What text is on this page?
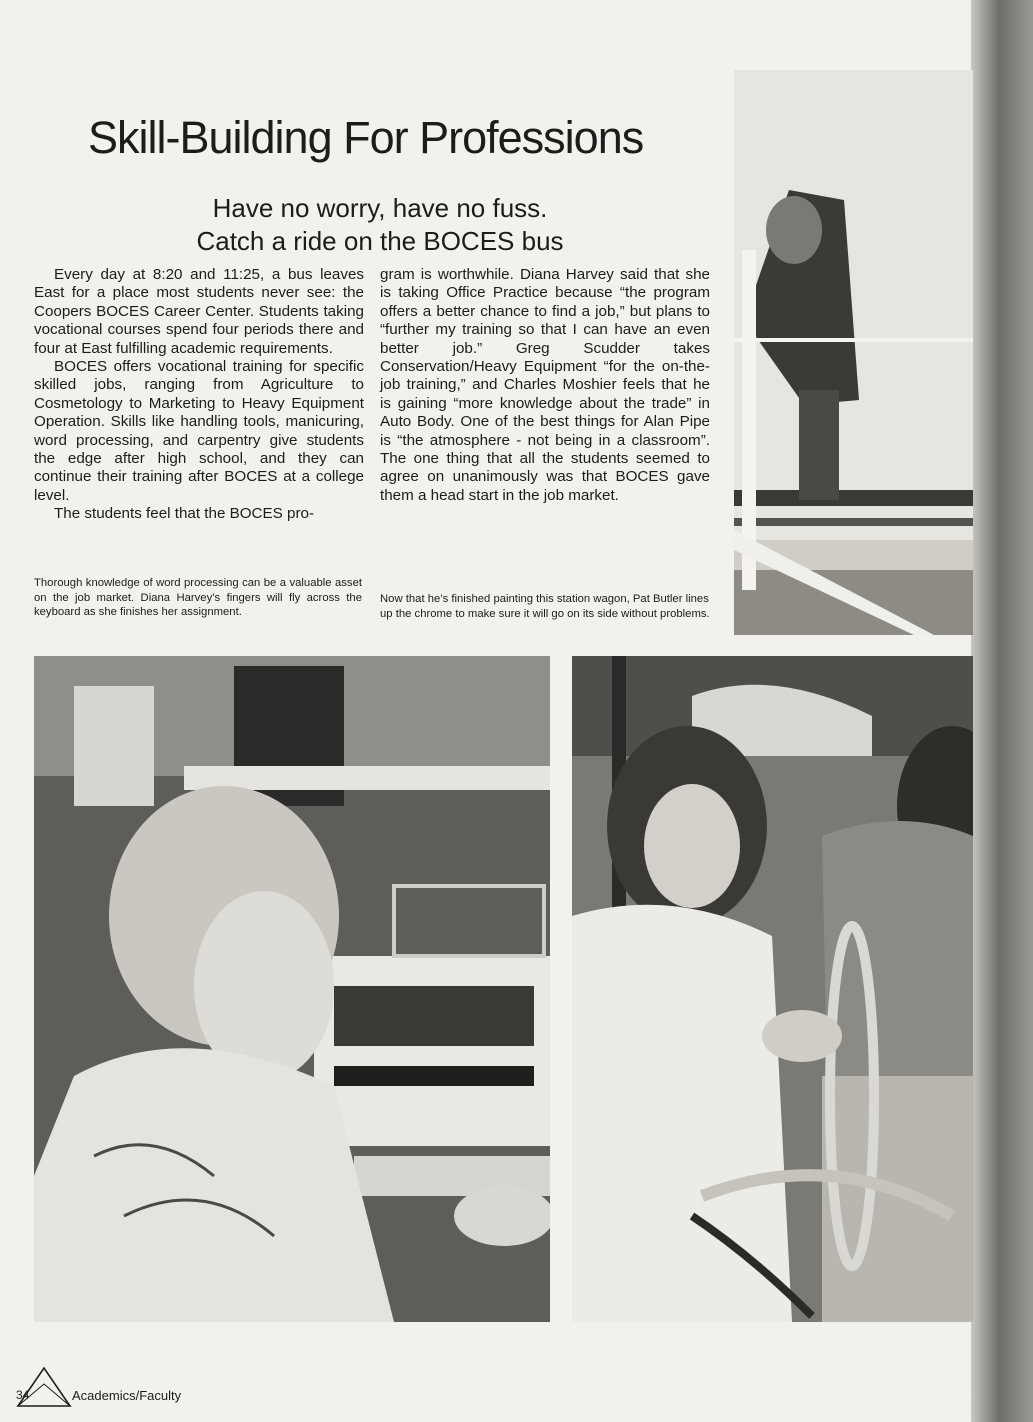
Skill-Building For Professions
Have no worry, have no fuss.
Catch a ride on the BOCES bus

Every day at 8:20 and 11:25, a bus leaves East for a place most students never see: the Coopers BOCES Career Center. Students taking vocational courses spend four periods there and four at East fulfilling academic requirements.

BOCES offers vocational training for specific skilled jobs, ranging from Agriculture to Cosmetology to Marketing to Heavy Equipment Operation. Skills like handling tools, manicuring, word processing, and carpentry give students the edge after high school, and they can continue their training after BOCES at a college level.

The students feel that the BOCES pro-

gram is worthwhile. Diana Harvey said that she is taking Office Practice because “the program offers a better chance to find a job,” but plans to “further my training so that I can have an even better job.” Greg Scudder takes Conservation/Heavy Equipment “for the on-the-job training,” and Charles Moshier feels that he is gaining “more knowledge about the trade” in Auto Body. One of the best things for Alan Pipe is “the atmosphere - not being in a classroom”. The one thing that all the students seemed to agree on unanimously was that BOCES gave them a head start in the job market.

Thorough knowledge of word processing can be a valuable asset on the job market. Diana Harvey’s fingers will fly across the keyboard as she finishes her assignment.
Now that he’s finished painting this station wagon, Pat Butler lines up the chrome to make sure it will go on its side without problems.
34	Academics/Faculty
